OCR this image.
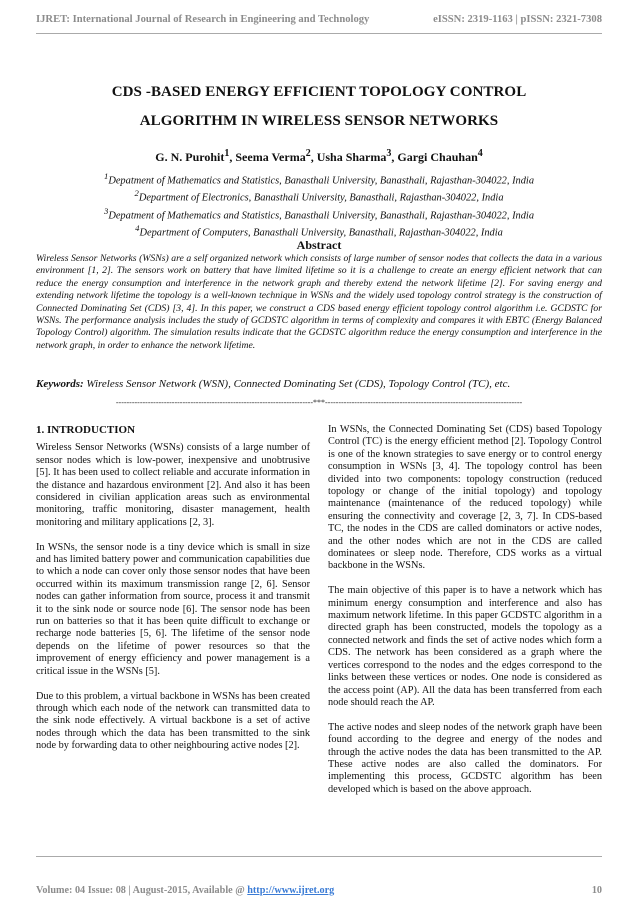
IJRET: International Journal of Research in Engineering and Technology	eISSN: 2319-1163 | pISSN: 2321-7308
CDS -BASED ENERGY EFFICIENT TOPOLOGY CONTROL
ALGORITHM IN WIRELESS SENSOR NETWORKS
G. N. Purohit$^1$, Seema Verma$^2$, Usha Sharma$^3$, Gargi Chauhan$^4$
$^1$Depatment of Mathematics and Statistics, Banasthali University, Banasthali, Rajasthan-304022, India
$^2$Department of Electronics, Banasthali University, Banasthali, Rajasthan-304022, India
$^3$Depatment of Mathematics and Statistics, Banasthali University, Banasthali, Rajasthan-304022, India
$^4$Department of Computers, Banasthali University, Banasthali, Rajasthan-304022, India
Abstract
Wireless Sensor Networks (WSNs) are a self organized network which consists of large number of sensor nodes that collects the data in a various environment [1, 2]. The sensors work on battery that have limited lifetime so it is a challenge to create an energy efficient network that can reduce the energy consumption and interference in the network graph and thereby extend the network lifetime [2]. For saving energy and extending network lifetime the topology is a well-known technique in WSNs and the widely used topology control strategy is the construction of Connected Dominating Set (CDS) [3, 4]. In this paper, we construct a CDS based energy efficient topology control algorithm i.e. GCDSTC for WSNs. The performance analysis includes the study of GCDSTC algorithm in terms of complexity and compares it with EBTC (Energy Balanced Topology Control) algorithm. The simulation results indicate that the GCDSTC algorithm reduce the energy consumption and interference in the network graph, in order to enhance the network lifetime.
Keywords: Wireless Sensor Network (WSN), Connected Dominating Set (CDS), Topology Control (TC), etc.
--------------------------------------------------------------------------***--------------------------------------------------------------------------
1. INTRODUCTION

Wireless Sensor Networks (WSNs) consists of a large number of sensor nodes which is low-power, inexpensive and unobtrusive [5]. It has been used to collect reliable and accurate information in the distance and hazardous environment [2]. And also it has been considered in civilian application areas such as environmental monitoring, traffic monitoring, disaster management, health monitoring and military applications [2, 3].

In WSNs, the sensor node is a tiny device which is small in size and has limited battery power and communication capabilities due to which a node can cover only those sensor nodes that have been occurred within its maximum transmission range [2, 6]. Sensor nodes can gather information from source, process it and transmit it to the sink node or source node [6]. The sensor node has been run on batteries so that it has been quite difficult to exchange or recharge node batteries [5, 6]. The lifetime of the sensor node depends on the lifetime of power resources so that the improvement of energy efficiency and power management is a critical issue in the WSNs [5].

Due to this problem, a virtual backbone in WSNs has been created through which each node of the network can transmitted data to the sink node effectively. A virtual backbone is a set of active nodes through which the data has been transmitted to the sink node by forwarding data to other neighbouring active nodes [2].

In WSNs, the Connected Dominating Set (CDS) based Topology Control (TC) is the energy efficient method [2]. Topology Control is one of the known strategies to save energy or to control energy consumption in WSNs [3, 4]. The topology control has been divided into two components: topology construction (reduced topology or change of the initial topology) and topology maintenance (maintenance of the reduced topology) while ensuring the connectivity and coverage [2, 3, 7]. In CDS-based TC, the nodes in the CDS are called dominators or active nodes, and the other nodes which are not in the CDS are called dominatees or sleep node. Therefore, CDS works as a virtual backbone in the WSNs.

The main objective of this paper is to have a network which has minimum energy consumption and interference and also has maximum network lifetime. In this paper GCDSTC algorithm in a directed graph has been constructed, models the topology as a connected network and finds the set of active nodes which form a CDS. The network has been considered as a graph where the vertices correspond to the nodes and the edges correspond to the links between these vertices or nodes. One node is considered as the access point (AP). All the data has been transferred from each node should reach the AP.

The active nodes and sleep nodes of the network graph have been found according to the degree and energy of the nodes and through the active nodes the data has been transmitted to the AP. These active nodes are also called the dominators. For implementing this process, GCDSTC algorithm has been developed which is based on the above approach.

Volume: 04 Issue: 08 | August-2015, Available @ http://www.ijret.org	10
